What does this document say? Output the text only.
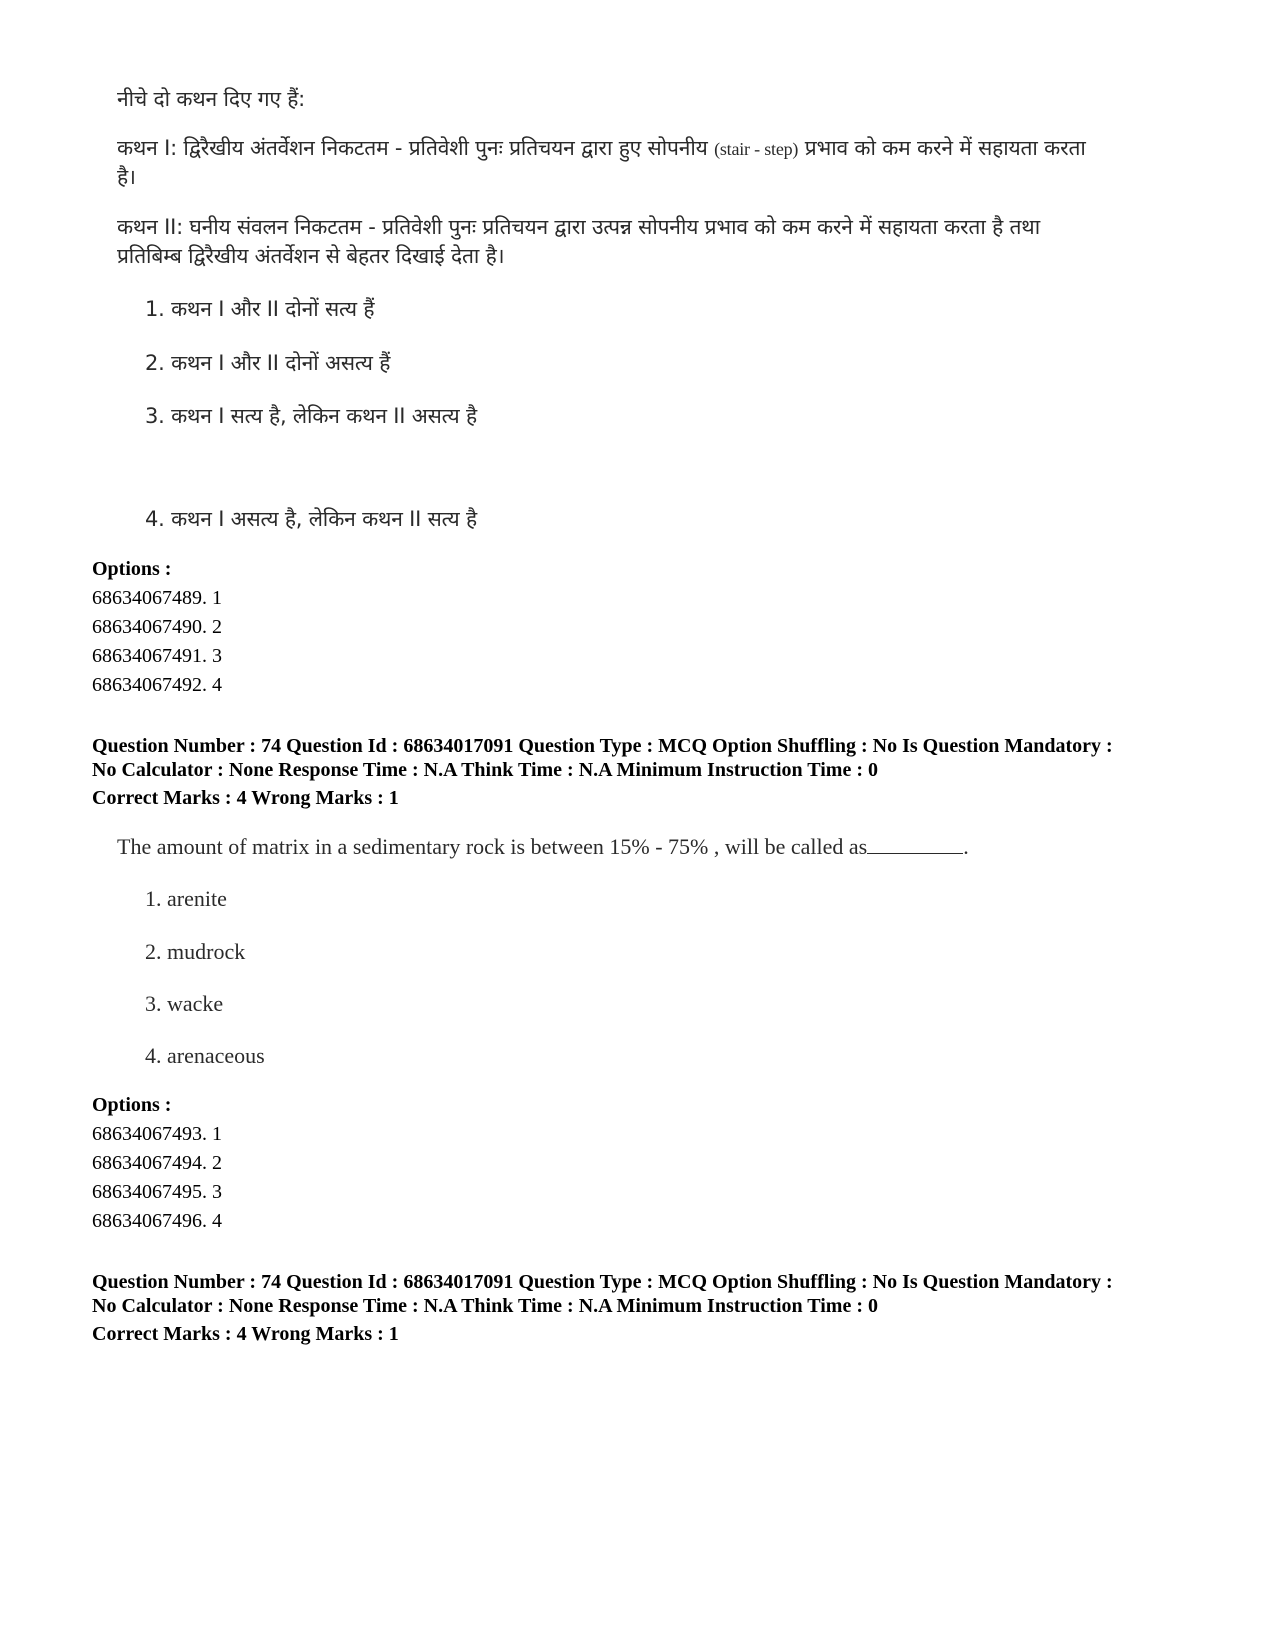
नीचे दो कथन दिए गए हैं:
कथन I: द्विरैखीय अंतर्वेशन निकटतम - प्रतिवेशी पुनः प्रतिचयन द्वारा हुए सोपनीय (stair - step) प्रभाव को कम करने में सहायता करता
है।
कथन II: घनीय संवलन निकटतम - प्रतिवेशी पुनः प्रतिचयन द्वारा उत्पन्न सोपनीय प्रभाव को कम करने में सहायता करता है तथा
प्रतिबिम्ब द्विरैखीय अंतर्वेशन से बेहतर दिखाई देता है।
1. कथन I और II दोनों सत्य हैं
2. कथन I और II दोनों असत्य हैं
3. कथन I सत्य है, लेकिन कथन II असत्य है
4. कथन I असत्य है, लेकिन कथन II सत्य है
Options :
68634067489. 1
68634067490. 2
68634067491. 3
68634067492. 4
Question Number : 74 Question Id : 68634017091 Question Type : MCQ Option Shuffling : No Is Question Mandatory :
No Calculator : None Response Time : N.A Think Time : N.A Minimum Instruction Time : 0
Correct Marks : 4 Wrong Marks : 1
The amount of matrix in a sedimentary rock is between 15% - 75% , will be called as	.
1. arenite
2. mudrock
3. wacke
4. arenaceous
Options :
68634067493. 1
68634067494. 2
68634067495. 3
68634067496. 4
Question Number : 74 Question Id : 68634017091 Question Type : MCQ Option Shuffling : No Is Question Mandatory :
No Calculator : None Response Time : N.A Think Time : N.A Minimum Instruction Time : 0
Correct Marks : 4 Wrong Marks : 1
